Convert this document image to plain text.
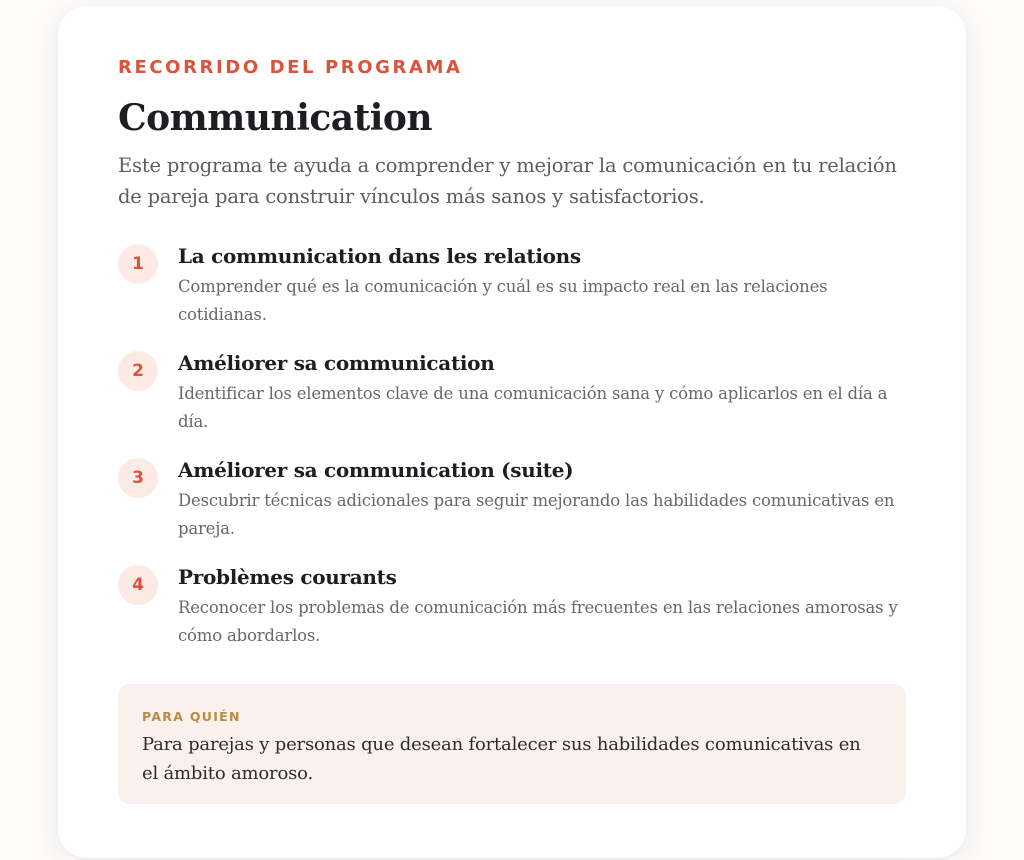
RECORRIDO DEL PROGRAMA

Communication

Este programa te ayuda a comprender y mejorar la comunicación en tu relación de pareja para construir vínculos más sanos y satisfactorios.

1	La communication dans les relations

Comprender qué es la comunicación y cuál es su impacto real en las relaciones cotidianas.

2	Améliorer sa communication

Identificar los elementos clave de una comunicación sana y cómo aplicarlos en el día a día.

3	Améliorer sa communication (suite)

Descubrir técnicas adicionales para seguir mejorando las habilidades comunicativas en pareja.

4	Problèmes courants

Reconocer los problemas de comunicación más frecuentes en las relaciones amorosas y cómo abordarlos.

PARA QUIÉN

Para parejas y personas que desean fortalecer sus habilidades comunicativas en el ámbito amoroso.
